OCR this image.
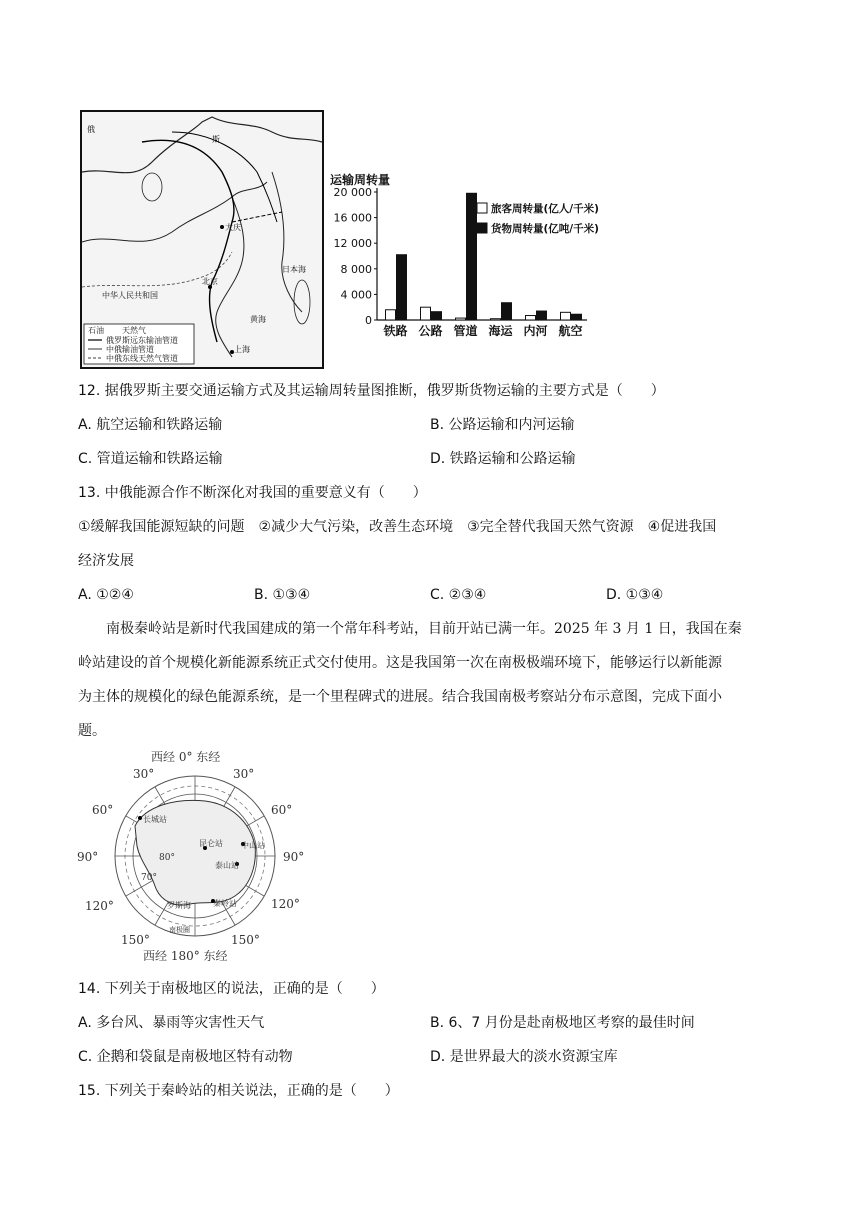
俄
斯
中华人民共和国
北京
大庆
黄海
日本海
上海
石油 天然气
俄罗斯远东输油管道
中俄输油管道
中俄东线天然气管道
运输周转量
0
4 000
8 000
12 000
16 000
20 000
铁路 公路 管道 海运 内河 航空
旅客周转量(亿人/千米)
货物周转量(亿吨/千米)
12. 据俄罗斯主要交通运输方式及其运输周转量图推断，俄罗斯货物运输的主要方式是（　　）
A. 航空运输和铁路运输	B. 公路运输和内河运输
C. 管道运输和铁路运输	D. 铁路运输和公路运输
13. 中俄能源合作不断深化对我国的重要意义有（　　）
①缓解我国能源短缺的问题　②减少大气污染，改善生态环境　③完全替代我国天然气资源　④促进我国
经济发展
A. ①②④	B. ①③④	C. ②③④	D. ①③④
南极秦岭站是新时代我国建成的第一个常年科考站，目前开站已满一年。2025 年 3 月 1 日，我国在秦
岭站建设的首个规模化新能源系统正式交付使用。这是我国第一次在南极极端环境下，能够运行以新能源
为主体的规模化的绿色能源系统，是一个里程碑式的进展。结合我国南极考察站分布示意图，完成下面小
题。
长城站
昆仑站 中山站
泰山站
秦岭站
罗斯海
南极圈
80°
70°
西经 0° 东经
西经 180° 东经
30°	30°
60°	60°
90°	90°
120°	120°
150°	150°
14. 下列关于南极地区的说法，正确的是（　　）
A. 多台风、暴雨等灾害性天气	B. 6、7 月份是赴南极地区考察的最佳时间
C. 企鹅和袋鼠是南极地区特有动物	D. 是世界最大的淡水资源宝库
15. 下列关于秦岭站的相关说法，正确的是（　　）
